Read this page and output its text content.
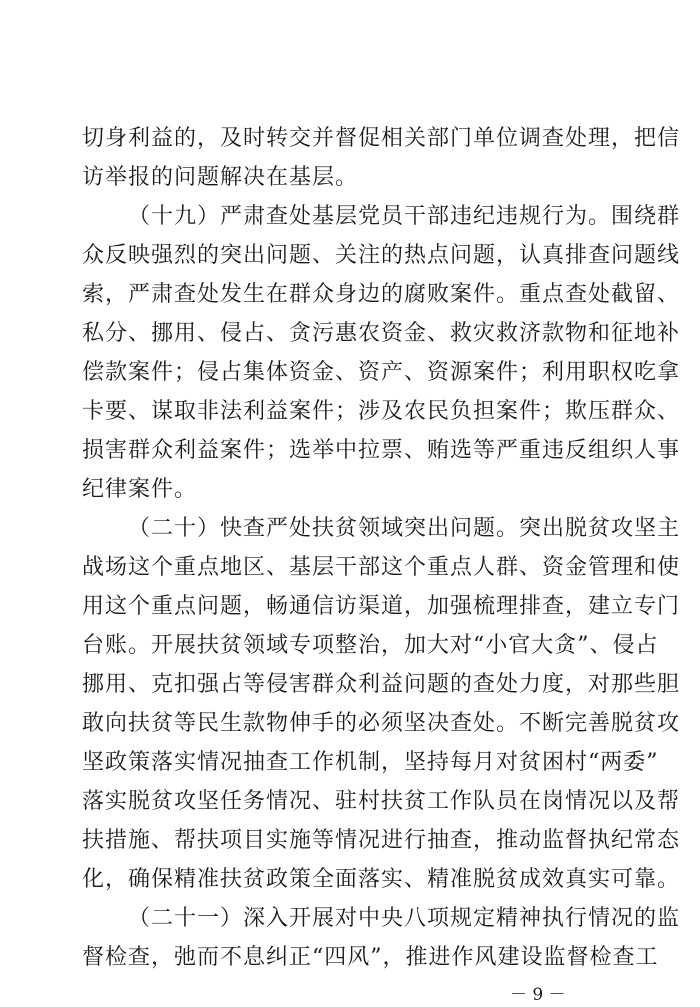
切身利益的，及时转交并督促相关部门单位调查处理，把信
访举报的问题解决在基层。
（十九）严肃查处基层党员干部违纪违规行为。围绕群
众反映强烈的突出问题、关注的热点问题，认真排查问题线
索，严肃查处发生在群众身边的腐败案件。重点查处截留、
私分、挪用、侵占、贪污惠农资金、救灾救济款物和征地补
偿款案件；侵占集体资金、资产、资源案件；利用职权吃拿
卡要、谋取非法利益案件；涉及农民负担案件；欺压群众、
损害群众利益案件；选举中拉票、贿选等严重违反组织人事
纪律案件。
（二十）快查严处扶贫领域突出问题。突出脱贫攻坚主
战场这个重点地区、基层干部这个重点人群、资金管理和使
用这个重点问题，畅通信访渠道，加强梳理排查，建立专门
台账。开展扶贫领域专项整治，加大对“小官大贪”、侵占
挪用、克扣强占等侵害群众利益问题的查处力度，对那些胆
敢向扶贫等民生款物伸手的必须坚决查处。不断完善脱贫攻
坚政策落实情况抽查工作机制，坚持每月对贫困村“两委”
落实脱贫攻坚任务情况、驻村扶贫工作队员在岗情况以及帮
扶措施、帮扶项目实施等情况进行抽查，推动监督执纪常态
化，确保精准扶贫政策全面落实、精准脱贫成效真实可靠。
（二十一）深入开展对中央八项规定精神执行情况的监
督检查，弛而不息纠正“四风”，推进作风建设监督检查工
－ 9 －
